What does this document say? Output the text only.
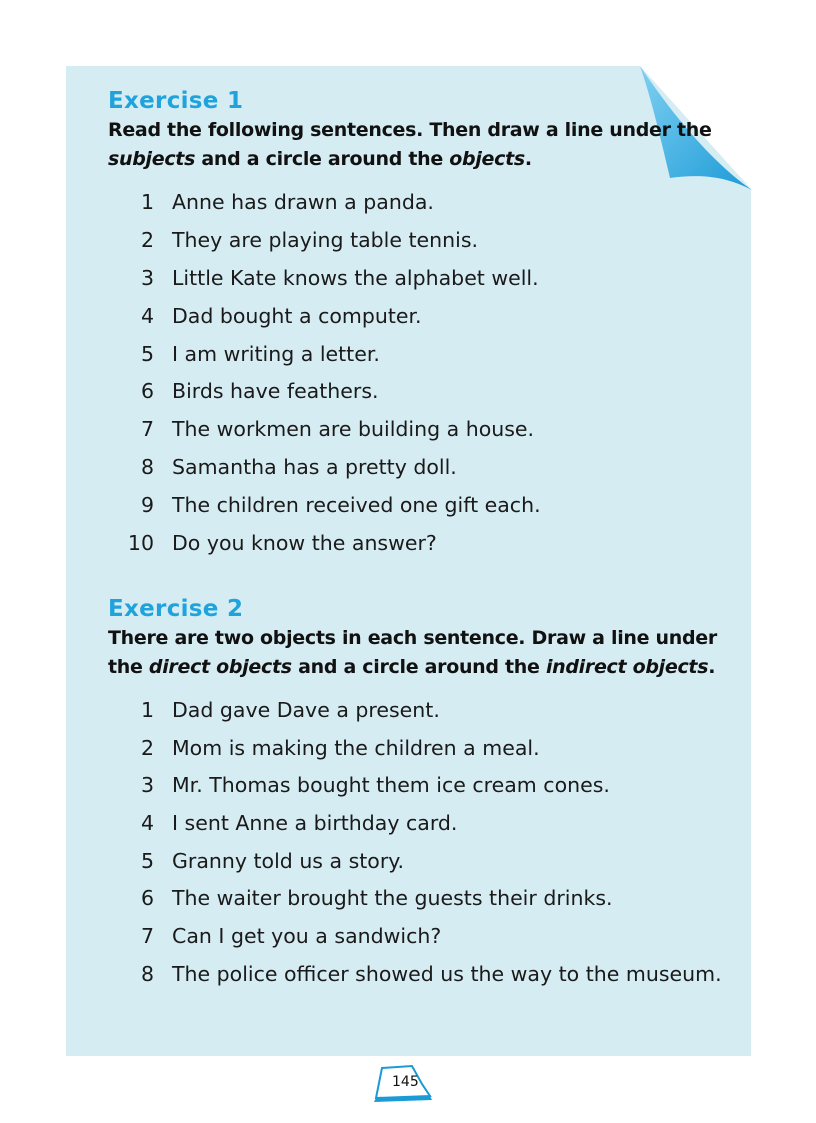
Exercise 1
Read the following sentences. Then draw a line under the subjects and a circle around the objects.
1 Anne has drawn a panda.
2 They are playing table tennis.
3 Little Kate knows the alphabet well.
4 Dad bought a computer.
5 I am writing a letter.
6 Birds have feathers.
7 The workmen are building a house.
8 Samantha has a pretty doll.
9 The children received one gift each.
10 Do you know the answer?
Exercise 2
There are two objects in each sentence. Draw a line under the direct objects and a circle around the indirect objects.
1 Dad gave Dave a present.
2 Mom is making the children a meal.
3 Mr. Thomas bought them ice cream cones.
4 I sent Anne a birthday card.
5 Granny told us a story.
6 The waiter brought the guests their drinks.
7 Can I get you a sandwich?
8 The police officer showed us the way to the museum.
145
